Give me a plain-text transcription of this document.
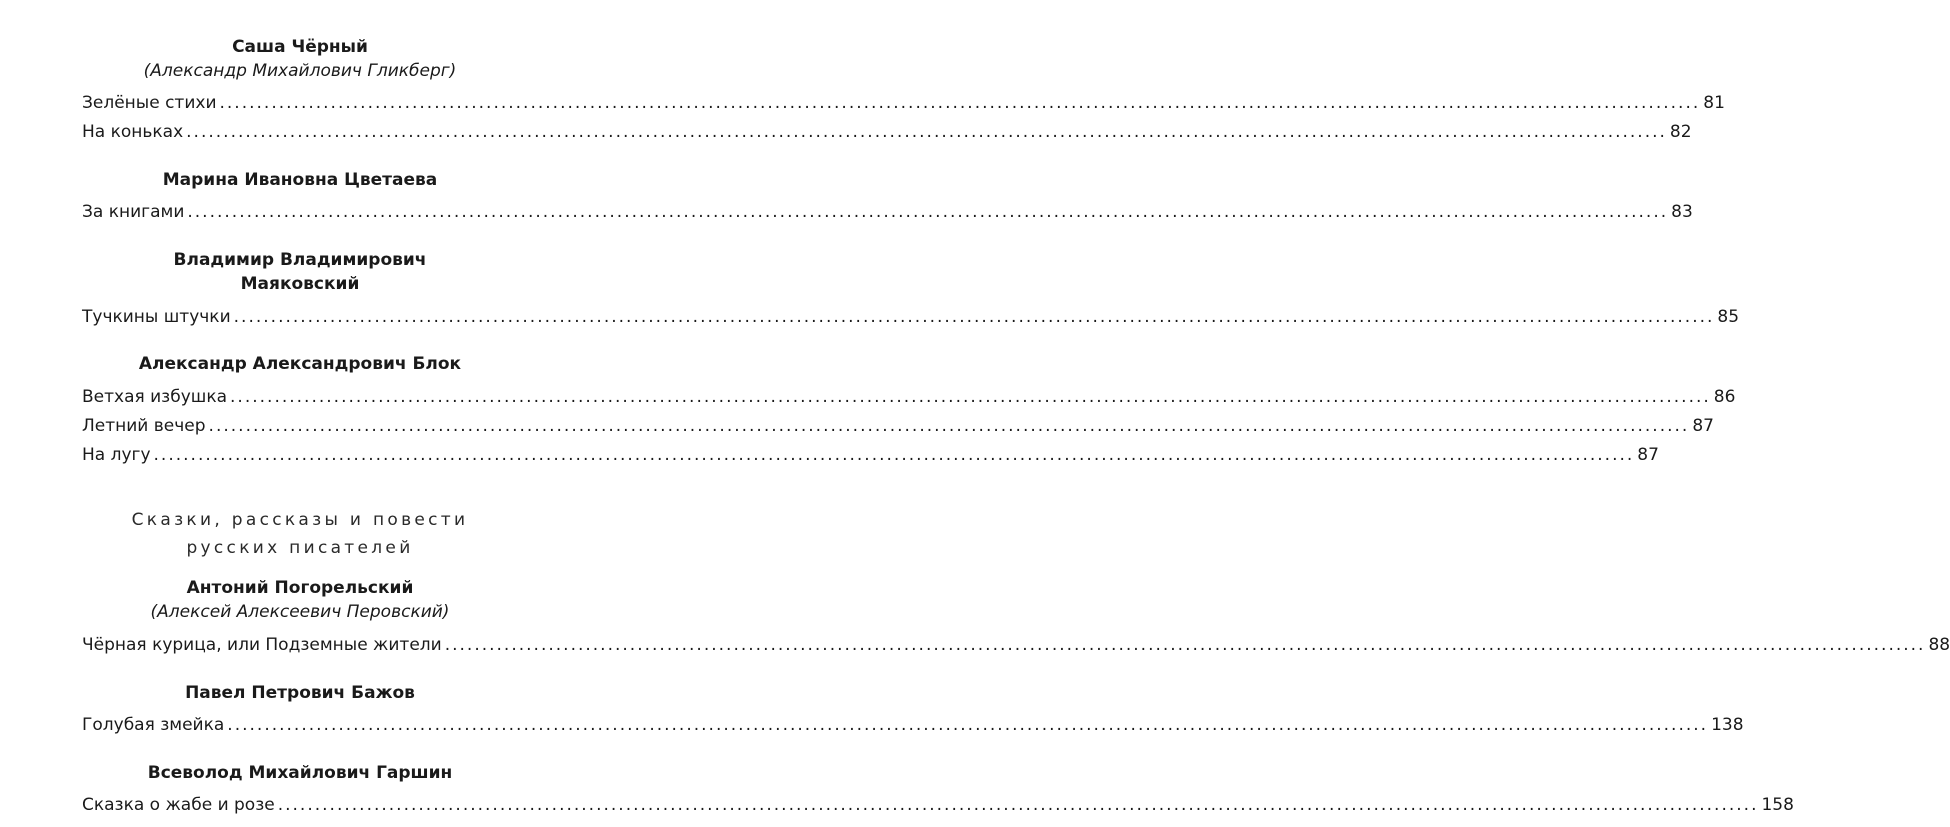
Саша Чёрный
(Александр Михайлович Гликберг)
Зелёные стихи ........................................................................................................................................................................................................ 81
На коньках ........................................................................................................................................................................................................ 82
Марина Ивановна Цветаева
За книгами ........................................................................................................................................................................................................ 83
Владимир Владимирович
Маяковский
Тучкины штучки ........................................................................................................................................................................................................ 85
Александр Александрович Блок
Ветхая избушка ........................................................................................................................................................................................................ 86
Летний вечер ........................................................................................................................................................................................................ 87
На лугу ........................................................................................................................................................................................................ 87
Сказки, рассказы и повести
русских писателей
Антоний Погорельский
(Алексей Алексеевич Перовский)
Чёрная курица, или Подземные жители ........................................................................................................................................................................................................ 88
Павел Петрович Бажов
Голубая змейка ........................................................................................................................................................................................................ 138
Всеволод Михайлович Гаршин
Сказка о жабе и розе ........................................................................................................................................................................................................ 158
